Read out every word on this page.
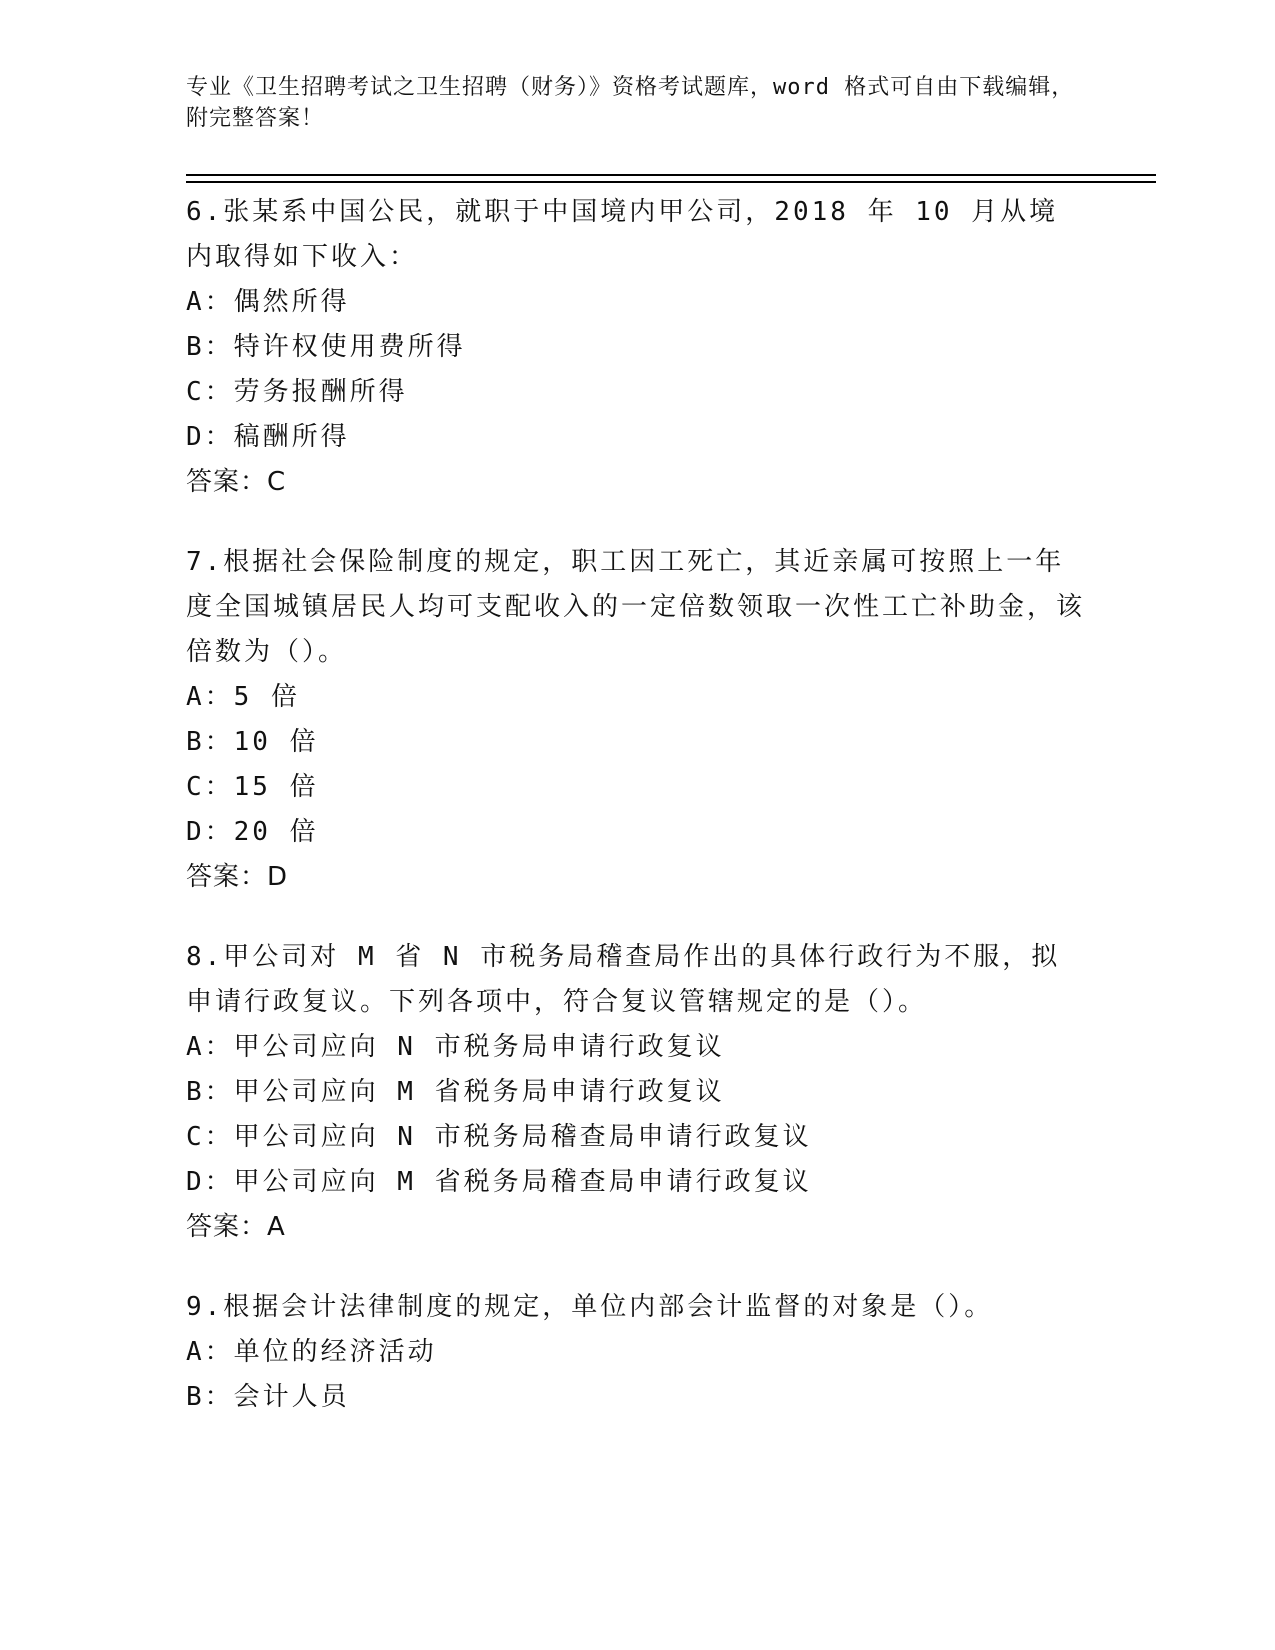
专业《卫生招聘考试之卫生招聘（财务）》资格考试题库，word 格式可自由下载编辑，附完整答案！

6.张某系中国公民，就职于中国境内甲公司，2018 年 10 月从境内取得如下收入：

A：偶然所得

B：特许权使用费所得

C：劳务报酬所得

D：稿酬所得

答案：C

7.根据社会保险制度的规定，职工因工死亡，其近亲属可按照上一年度全国城镇居民人均可支配收入的一定倍数领取一次性工亡补助金，该倍数为（）。

A：5 倍

B：10 倍

C：15 倍

D：20 倍

答案：D

8.甲公司对 M 省 N 市税务局稽查局作出的具体行政行为不服，拟申请行政复议。下列各项中，符合复议管辖规定的是（）。

A：甲公司应向 N 市税务局申请行政复议

B：甲公司应向 M 省税务局申请行政复议

C：甲公司应向 N 市税务局稽查局申请行政复议

D：甲公司应向 M 省税务局稽查局申请行政复议

答案：A

9.根据会计法律制度的规定，单位内部会计监督的对象是（）。

A：单位的经济活动

B：会计人员
